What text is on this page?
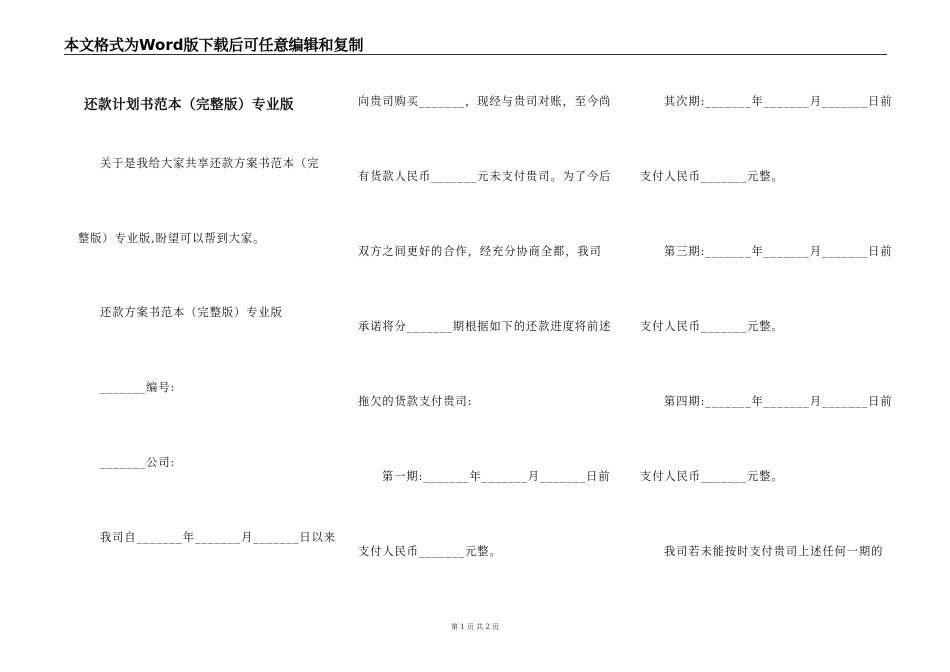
本文格式为Word版下载后可任意编辑和复制
还款计划书范本（完整版）专业版
关于是我给大家共享还款方案书范本（完
整版）专业版,盼望可以帮到大家。
还款方案书范本（完整版）专业版
_______编号:
_______公司:
我司自_______年_______月_______日以来
向贵司购买_______，现经与贵司对账，至今尚
有货款人民币_______元未支付贵司。为了今后
双方之间更好的合作，经充分协商全都，我司
承诺将分_______期根据如下的还款进度将前述
拖欠的货款支付贵司:
第一期:_______年_______月_______日前
支付人民币_______元整。
其次期:_______年_______月_______日前
支付人民币_______元整。
第三期:_______年_______月_______日前
支付人民币_______元整。
第四期:_______年_______月_______日前
支付人民币_______元整。
我司若未能按时支付贵司上述任何一期的
第 1 页 共 2 页
